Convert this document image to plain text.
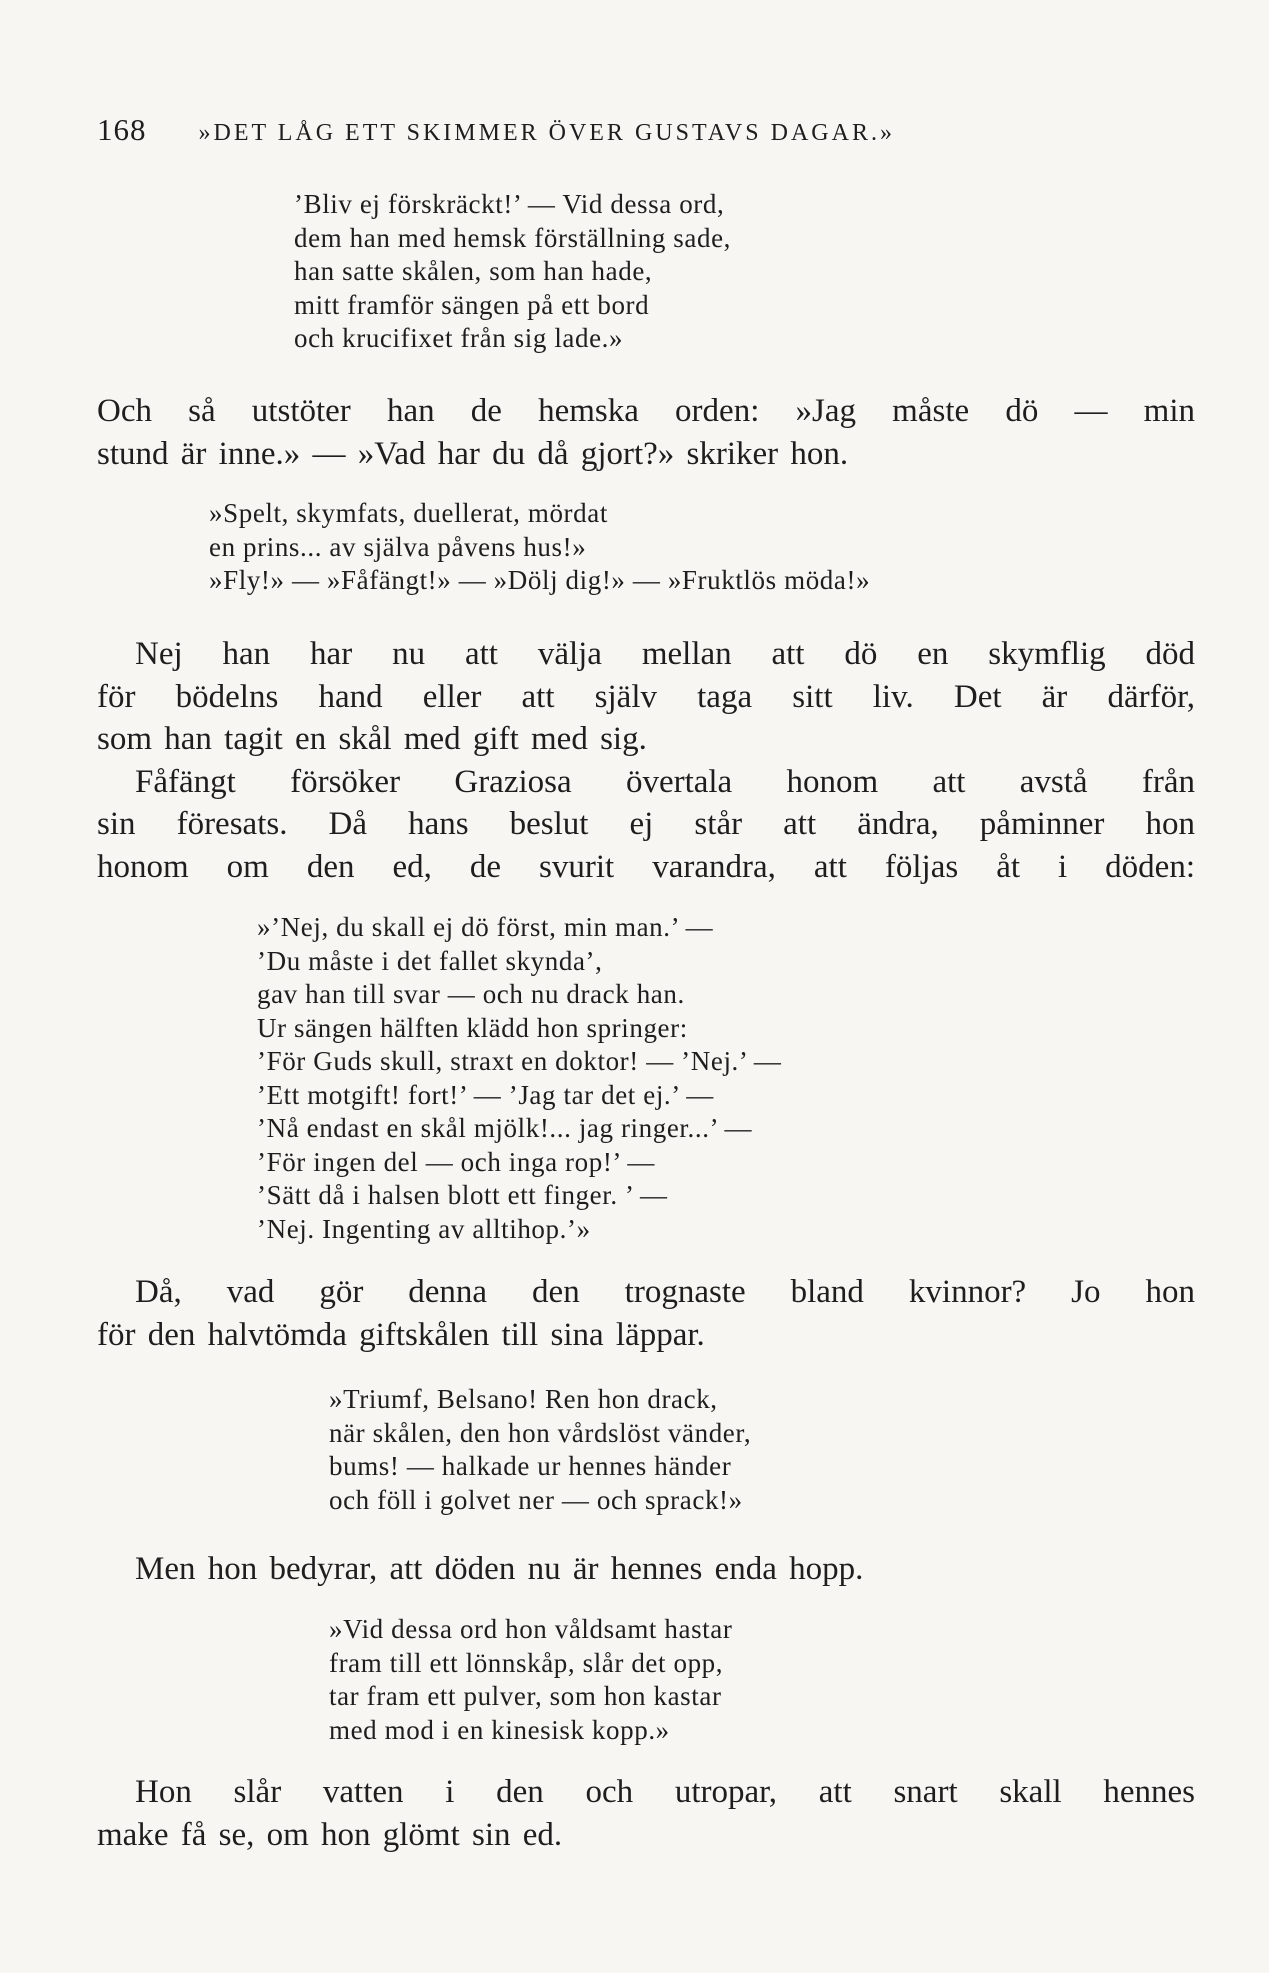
168 »DET LÅG ETT SKIMMER ÖVER GUSTAVS DAGAR.»
’Bliv ej förskräckt!’ — Vid dessa ord,
dem han med hemsk förställning sade,
han satte skålen, som han hade,
mitt framför sängen på ett bord
och krucifixet från sig lade.»
Och så utstöter han de hemska orden: »Jag måste dö — min
stund är inne.» — »Vad har du då gjort?» skriker hon.
»Spelt, skymfats, duellerat, mördat
en prins... av själva påvens hus!»
»Fly!» — »Fåfängt!» — »Dölj dig!» — »Fruktlös möda!»
Nej han har nu att välja mellan att dö en skymflig död
för bödelns hand eller att själv taga sitt liv. Det är därför,
som han tagit en skål med gift med sig.
Fåfängt försöker Graziosa övertala honom att avstå från
sin föresats. Då hans beslut ej står att ändra, påminner hon
honom om den ed, de svurit varandra, att följas åt i döden:
»’Nej, du skall ej dö först, min man.’ —
’Du måste i det fallet skynda’,
gav han till svar — och nu drack han.
Ur sängen hälften klädd hon springer:
’För Guds skull, straxt en doktor! — ’Nej.’ —
’Ett motgift! fort!’ — ’Jag tar det ej.’ —
’Nå endast en skål mjölk!... jag ringer...’ —
’För ingen del — och inga rop!’ —
’Sätt då i halsen blott ett finger. ’ —
’Nej. Ingenting av alltihop.’»
Då, vad gör denna den trognaste bland kvinnor? Jo hon
för den halvtömda giftskålen till sina läppar.
»Triumf, Belsano! Ren hon drack,
när skålen, den hon vårdslöst vänder,
bums! — halkade ur hennes händer
och föll i golvet ner — och sprack!»
Men hon bedyrar, att döden nu är hennes enda hopp.
»Vid dessa ord hon våldsamt hastar
fram till ett lönnskåp, slår det opp,
tar fram ett pulver, som hon kastar
med mod i en kinesisk kopp.»
Hon slår vatten i den och utropar, att snart skall hennes
make få se, om hon glömt sin ed.
